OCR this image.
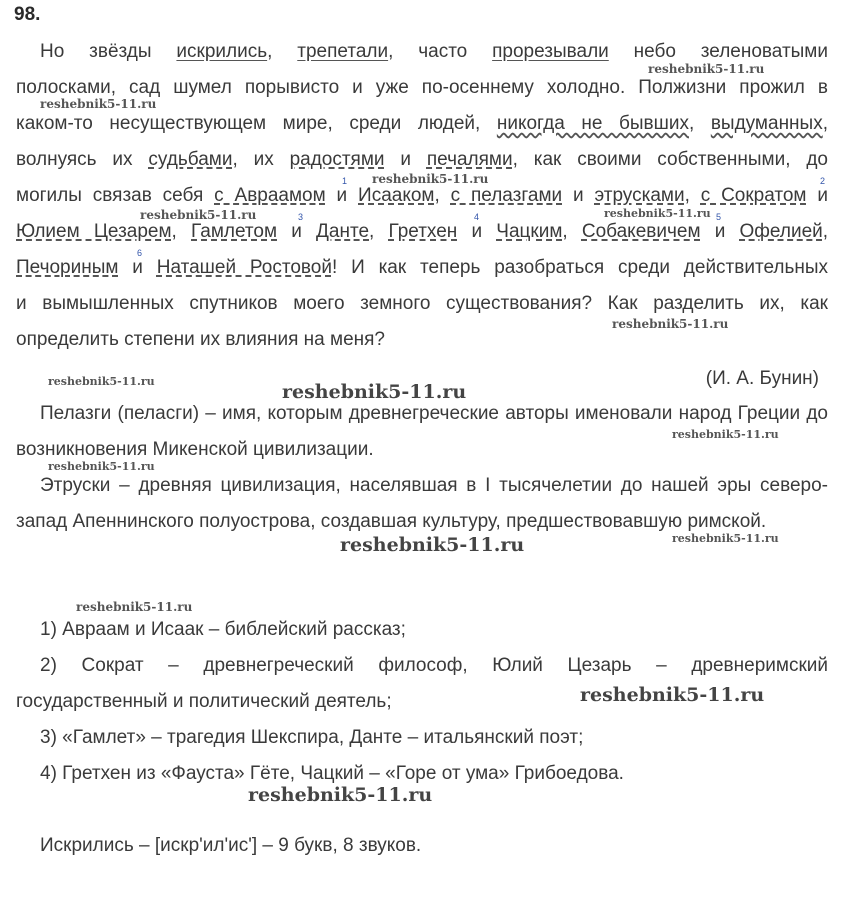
98.
Но звёзды искрились, трепетали, часто прорезывали небо зеленоватыми
полосками, сад шумел порывисто и уже по-осеннему холодно. Полжизни прожил в
каком-то несуществующем мире, среди людей, никогда не бывших, выдуманных,
волнуясь их судьбами, их радостями и печалями, как своими собственными, до
могилы связав себя с Авраамом и Исааком, с пелазгами и этрусками, с Сократом и
Юлием Цезарем, Гамлетом и Данте, Гретхен и Чацким, Собакевичем и Офелией,
Печориным и Наташей Ростовой! И как теперь разобраться среди действительных
и вымышленных спутников моего земного существования? Как разделить их, как
определить степени их влияния на меня?
1	2
3	4	5
6
(И. А. Бунин)

Пелазги (пеласги) – имя, которым древнегреческие авторы именовали народ Греции до возникновения Микенской цивилизации.

Этруски – древняя цивилизация, населявшая в I тысячелетии до нашей эры северо-запад Апеннинского полуострова, создавшая культуру, предшествовавшую римской.

1) Авраам и Исаак – библейский рассказ;

2) Сократ – древнегреческий философ, Юлий Цезарь – древнеримский государственный и политический деятель;

3) «Гамлет» – трагедия Шекспира, Данте – итальянский поэт;

4) Гретхен из «Фауста» Гёте, Чацкий – «Горе от ума» Грибоедова.

Искрились – [искр'ил'ис'] – 9 букв, 8 звуков.

reshebnik5-11.ru
reshebnik5-11.ru
reshebnik5-11.ru
reshebnik5-11.ru	reshebnik5-11.ru
reshebnik5-11.ru
reshebnik5-11.ru	reshebnik5-11.ru
reshebnik5-11.ru
reshebnik5-11.ru
reshebnik5-11.ru	reshebnik5-11.ru
reshebnik5-11.ru
reshebnik5-11.ru
reshebnik5-11.ru
